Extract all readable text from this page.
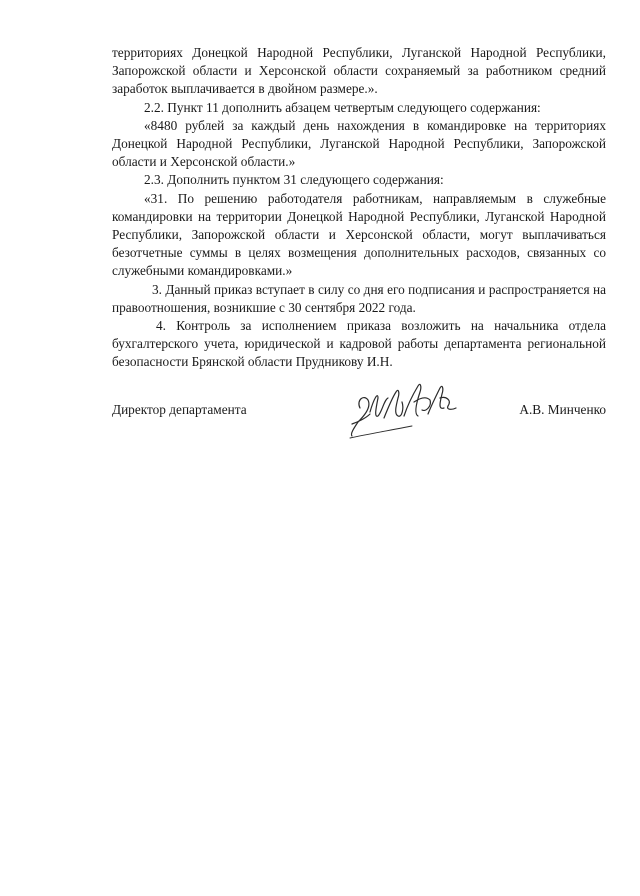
территориях Донецкой Народной Республики, Луганской Народной Республики, Запорожской области и Херсонской области сохраняемый за работником средний заработок выплачивается в двойном размере.».

2.2. Пункт 11 дополнить абзацем четвертым следующего содержания:

«8480 рублей за каждый день нахождения в командировке на территориях Донецкой Народной Республики, Луганской Народной Республики, Запорожской области и Херсонской области.»

2.3. Дополнить пунктом 31 следующего содержания:

«31. По решению работодателя работникам, направляемым в служебные командировки на территории Донецкой Народной Республики, Луганской Народной Республики, Запорожской области и Херсонской области, могут выплачиваться безотчетные суммы в целях возмещения дополнительных расходов, связанных со служебными командировками.»

3. Данный приказ вступает в силу со дня его подписания и распространяется на правоотношения, возникшие с 30 сентября 2022 года.

4. Контроль за исполнением приказа возложить на начальника отдела бухгалтерского учета, юридической и кадровой работы департамента региональной безопасности Брянской области Прудникову И.Н.

Директор департамента	А.В. Минченко
